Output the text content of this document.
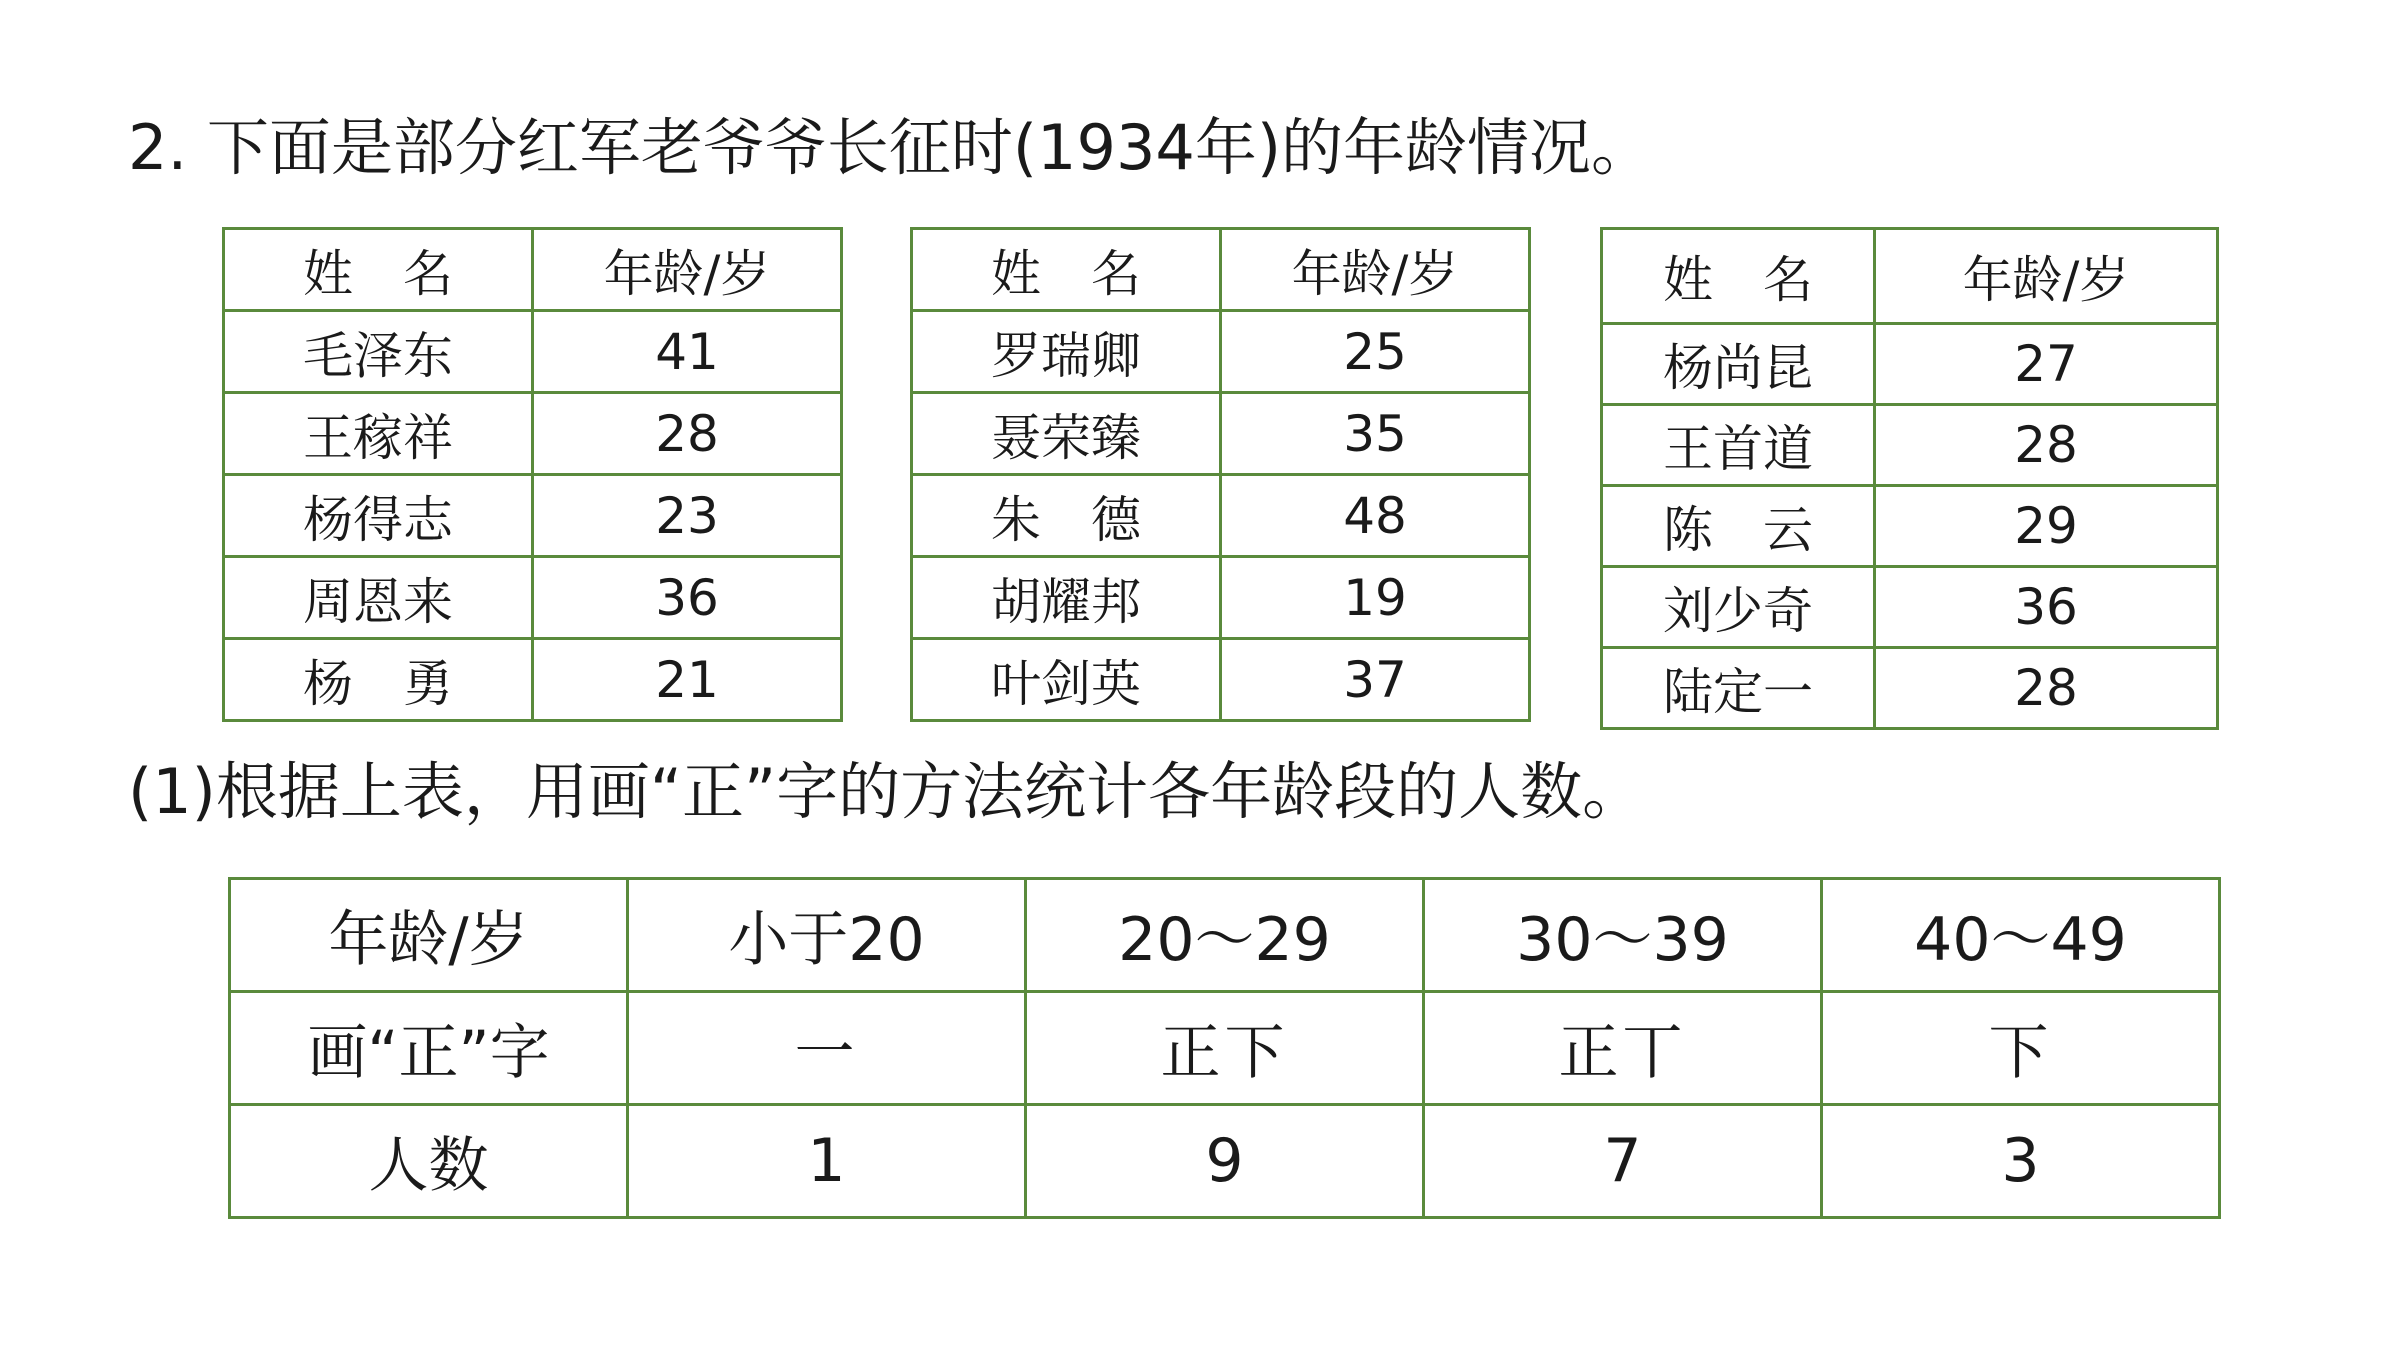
2. 下面是部分红军老爷爷长征时(1934年)的年龄情况。
姓　名	年龄/岁
毛泽东	41
王稼祥	28
杨得志	23
周恩来	36
杨　勇	21
姓　名	年龄/岁
罗瑞卿	25
聂荣臻	35
朱　德	48
胡耀邦	19
叶剑英	37
姓　名	年龄/岁
杨尚昆	27
王首道	28
陈　云	29
刘少奇	36
陆定一	28
(1)根据上表，用画“正”字的方法统计各年龄段的人数。
年龄/岁	小于20	20～29	30～39	40～49
画“正”字	一	正下	正丅	下
人数	1	9	7	3
